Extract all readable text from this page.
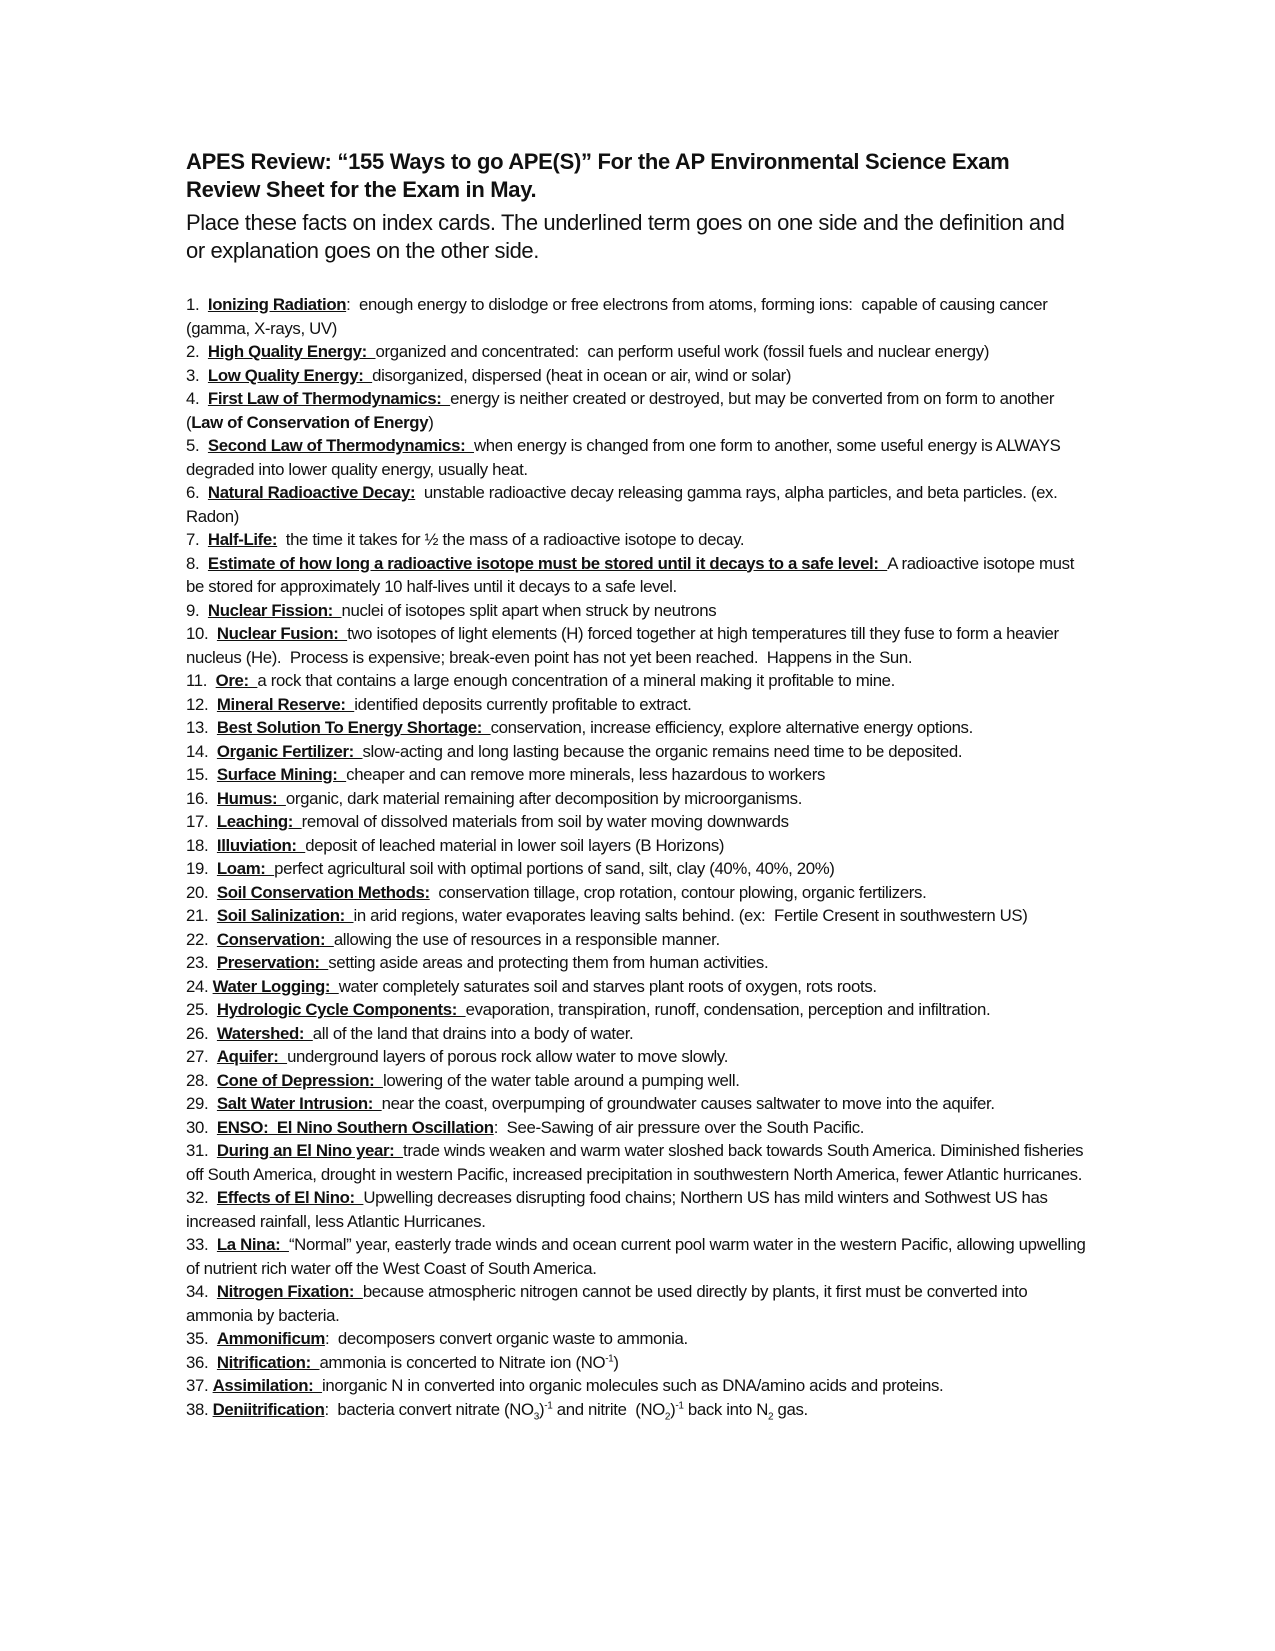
APES Review: “155 Ways to go APE(S)” For the AP Environmental Science Exam
Review Sheet for the Exam in May.

Place these facts on index cards. The underlined term goes on one side and the definition and or explanation goes on the other side.

1.  Ionizing Radiation:  enough energy to dislodge or free electrons from atoms, forming ions:  capable of causing cancer (gamma, X-rays, UV)
2.  High Quality Energy:  organized and concentrated:  can perform useful work (fossil fuels and nuclear energy)
3.  Low Quality Energy:  disorganized, dispersed (heat in ocean or air, wind or solar)
4.  First Law of Thermodynamics:  energy is neither created or destroyed, but may be converted from on form to another (Law of Conservation of Energy)
5.  Second Law of Thermodynamics:  when energy is changed from one form to another, some useful energy is ALWAYS degraded into lower quality energy, usually heat.
6.  Natural Radioactive Decay:  unstable radioactive decay releasing gamma rays, alpha particles, and beta particles. (ex.  Radon)
7.  Half-Life:  the time it takes for ½ the mass of a radioactive isotope to decay.
8.  Estimate of how long a radioactive isotope must be stored until it decays to a safe level:  A radioactive isotope must be stored for approximately 10 half-lives until it decays to a safe level.
9.  Nuclear Fission:  nuclei of isotopes split apart when struck by neutrons
10.  Nuclear Fusion:  two isotopes of light elements (H) forced together at high temperatures till they fuse to form a heavier nucleus (He).  Process is expensive; break-even point has not yet been reached.  Happens in the Sun.
11.  Ore:  a rock that contains a large enough concentration of a mineral making it profitable to mine.
12.  Mineral Reserve:  identified deposits currently profitable to extract.
13.  Best Solution To Energy Shortage:  conservation, increase efficiency, explore alternative energy options.
14.  Organic Fertilizer:  slow-acting and long lasting because the organic remains need time to be deposited.
15.  Surface Mining:  cheaper and can remove more minerals, less hazardous to workers
16.  Humus:  organic, dark material remaining after decomposition by microorganisms.
17.  Leaching:  removal of dissolved materials from soil by water moving downwards
18.  Illuviation:  deposit of leached material in lower soil layers (B Horizons)
19.  Loam:  perfect agricultural soil with optimal portions of sand, silt, clay (40%, 40%, 20%)
20.  Soil Conservation Methods:  conservation tillage, crop rotation, contour plowing, organic fertilizers.
21.  Soil Salinization:  in arid regions, water evaporates leaving salts behind. (ex:  Fertile Cresent in southwestern US)
22.  Conservation:  allowing the use of resources in a responsible manner.
23.  Preservation:  setting aside areas and protecting them from human activities.
24. Water Logging:  water completely saturates soil and starves plant roots of oxygen, rots roots.
25.  Hydrologic Cycle Components:  evaporation, transpiration, runoff, condensation, perception and infiltration.
26.  Watershed:  all of the land that drains into a body of water.
27.  Aquifer:  underground layers of porous rock allow water to move slowly.
28.  Cone of Depression:  lowering of the water table around a pumping well.
29.  Salt Water Intrusion:  near the coast, overpumping of groundwater causes saltwater to move into the aquifer.
30.  ENSO:  El Nino Southern Oscillation:  See-Sawing of air pressure over the South Pacific.
31.  During an El Nino year:  trade winds weaken and warm water sloshed back towards South America. Diminished fisheries off South America, drought in western Pacific, increased precipitation in southwestern North America, fewer Atlantic hurricanes.
32.  Effects of El Nino:  Upwelling decreases disrupting food chains; Northern US has mild winters and Sothwest US has increased rainfall, less Atlantic Hurricanes.
33.  La Nina:  “Normal” year, easterly trade winds and ocean current pool warm water in the western Pacific, allowing upwelling of nutrient rich water off the West Coast of South America.
34.  Nitrogen Fixation:  because atmospheric nitrogen cannot be used directly by plants, it first must be converted into ammonia by bacteria.
35.  Ammonificum:  decomposers convert organic waste to ammonia.
36.  Nitrification:  ammonia is concerted to Nitrate ion $(NO^{-1})$
37. Assimilation:  inorganic N in converted into organic molecules such as DNA/amino acids and proteins.
38. Deniitrification:  bacteria convert nitrate $(NO_3)^{-1}$ and nitrite  $(NO_2)^{-1}$ back into $N_2$ gas.
